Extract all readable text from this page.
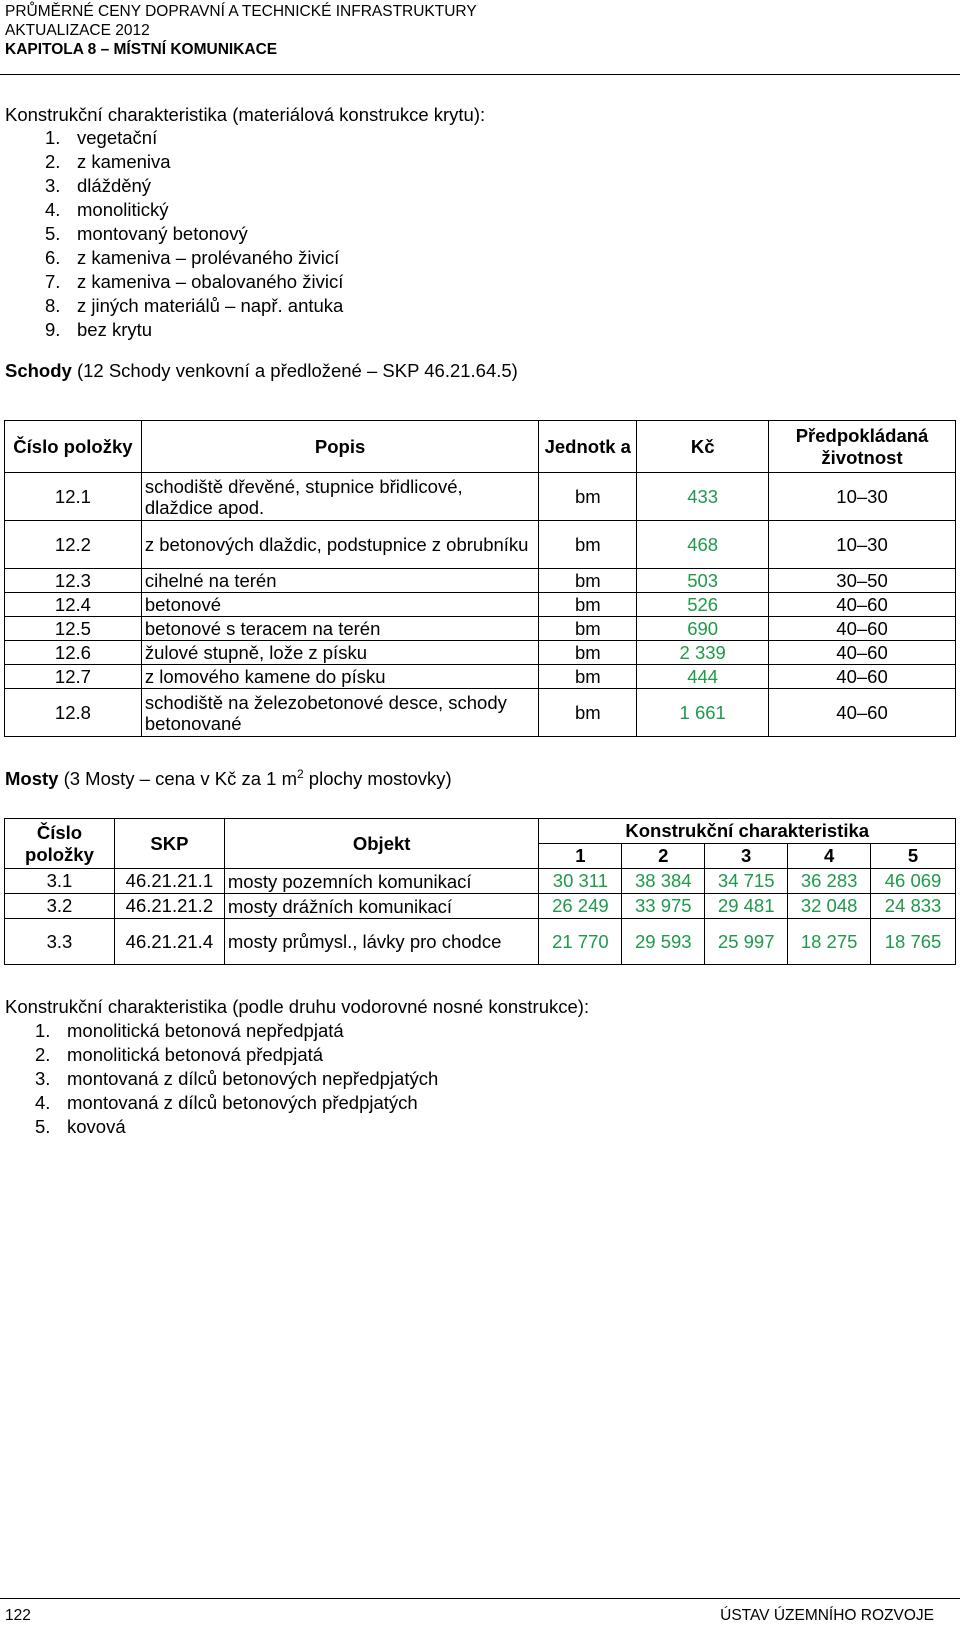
PRŮMĚRNÉ CENY DOPRAVNÍ A TECHNICKÉ INFRASTRUKTURY
AKTUALIZACE 2012
KAPITOLA 8 – MÍSTNÍ KOMUNIKACE
Konstrukční charakteristika (materiálová konstrukce krytu):
1. vegetační
2. z kameniva
3. dlážděný
4. monolitický
5. montovaný betonový
6. z kameniva – prolévaného živicí
7. z kameniva – obalovaného živicí
8. z jiných materiálů – např. antuka
9. bez krytu
Schody (12 Schody venkovní a předložené – SKP 46.21.64.5)
Číslo položky	Popis	Jednotk a	Kč	Předpokládaná životnost
12.1	schodiště dřevěné, stupnice břidlicové, dlaždice apod.	bm	433	10–30
12.2	z betonových dlaždic, podstupnice z obrubníku	bm	468	10–30
12.3	cihelné na terén	bm	503	30–50
12.4	betonové	bm	526	40–60
12.5	betonové s teracem na terén	bm	690	40–60
12.6	žulové stupně, lože z písku	bm	2 339	40–60
12.7	z lomového kamene do písku	bm	444	40–60
12.8	schodiště na železobetonové desce, schody betonované	bm	1 661	40–60
Mosty (3 Mosty – cena v Kč za 1 $m^2$ plochy mostovky)
Číslo položky	SKP	Objekt	Konstrukční charakteristika				
			1	2	3	4	5
3.1	46.21.21.1	mosty pozemních komunikací	30 311	38 384	34 715	36 283	46 069
3.2	46.21.21.2	mosty drážních komunikací	26 249	33 975	29 481	32 048	24 833
3.3	46.21.21.4	mosty průmysl., lávky pro chodce	21 770	29 593	25 997	18 275	18 765
Konstrukční charakteristika (podle druhu vodorovné nosné konstrukce):
1. monolitická betonová nepředpjatá
2. monolitická betonová předpjatá
3. montovaná z dílců betonových nepředpjatých
4. montovaná z dílců betonových předpjatých
5. kovová
122	ÚSTAV ÚZEMNÍHO ROZVOJE
